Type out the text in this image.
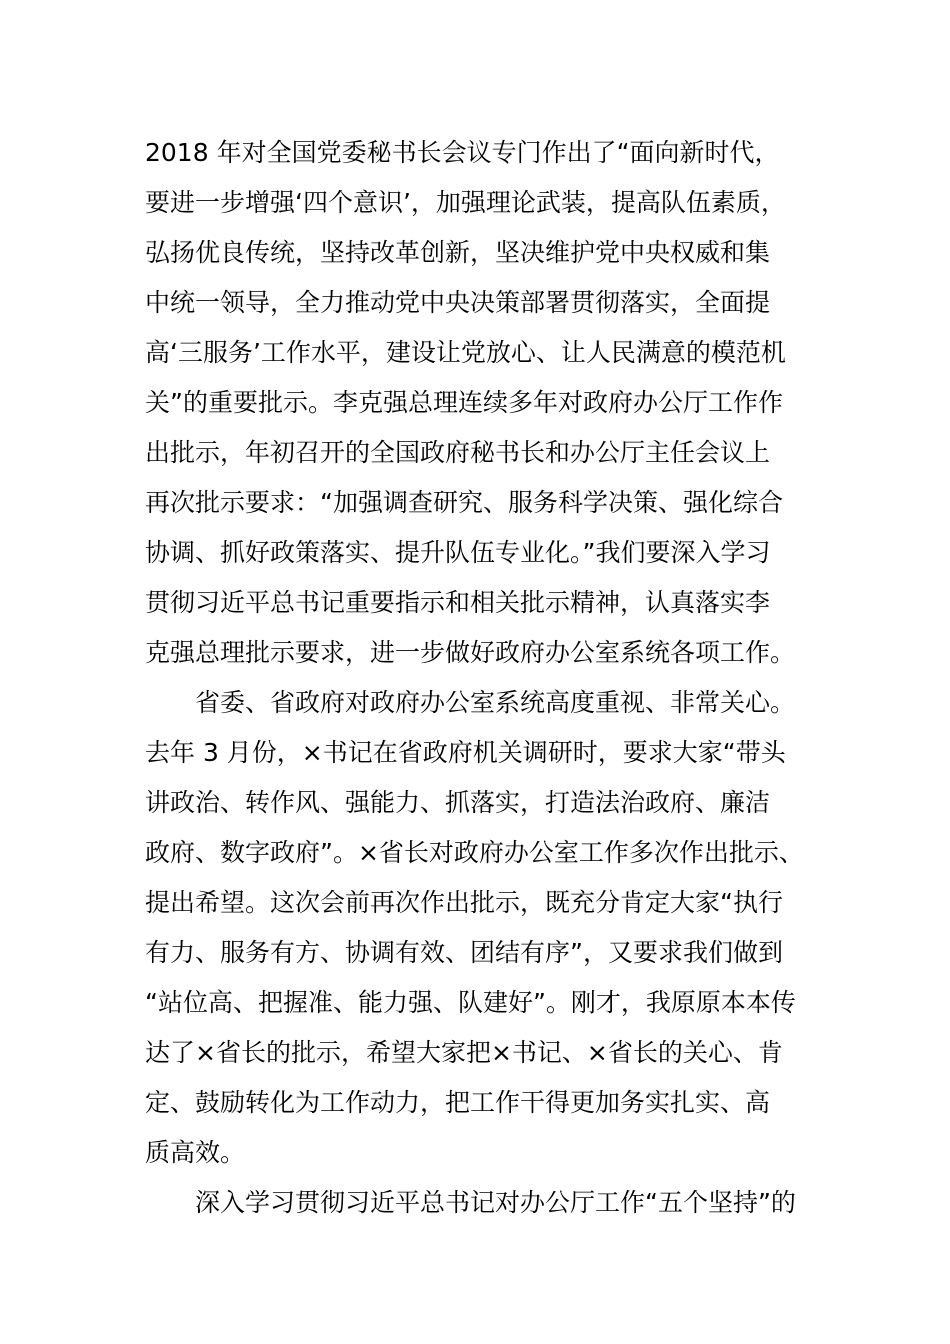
2018 年对全国党委秘书长会议专门作出了“面向新时代，
要进一步增强‘四个意识’，加强理论武装，提高队伍素质，
弘扬优良传统，坚持改革创新，坚决维护党中央权威和集
中统一领导，全力推动党中央决策部署贯彻落实，全面提
高‘三服务’工作水平，建设让党放心、让人民满意的模范机
关”的重要批示。李克强总理连续多年对政府办公厅工作作
出批示，年初召开的全国政府秘书长和办公厅主任会议上
再次批示要求：“加强调查研究、服务科学决策、强化综合
协调、抓好政策落实、提升队伍专业化。”我们要深入学习
贯彻习近平总书记重要指示和相关批示精神，认真落实李
克强总理批示要求，进一步做好政府办公室系统各项工作。
　　省委、省政府对政府办公室系统高度重视、非常关心。
去年 3 月份，×书记在省政府机关调研时，要求大家“带头
讲政治、转作风、强能力、抓落实，打造法治政府、廉洁
政府、数字政府”。×省长对政府办公室工作多次作出批示、
提出希望。这次会前再次作出批示，既充分肯定大家“执行
有力、服务有方、协调有效、团结有序”，又要求我们做到
“站位高、把握准、能力强、队建好”。刚才，我原原本本传
达了×省长的批示，希望大家把×书记、×省长的关心、肯
定、鼓励转化为工作动力，把工作干得更加务实扎实、高
质高效。
　　深入学习贯彻习近平总书记对办公厅工作“五个坚持”的
